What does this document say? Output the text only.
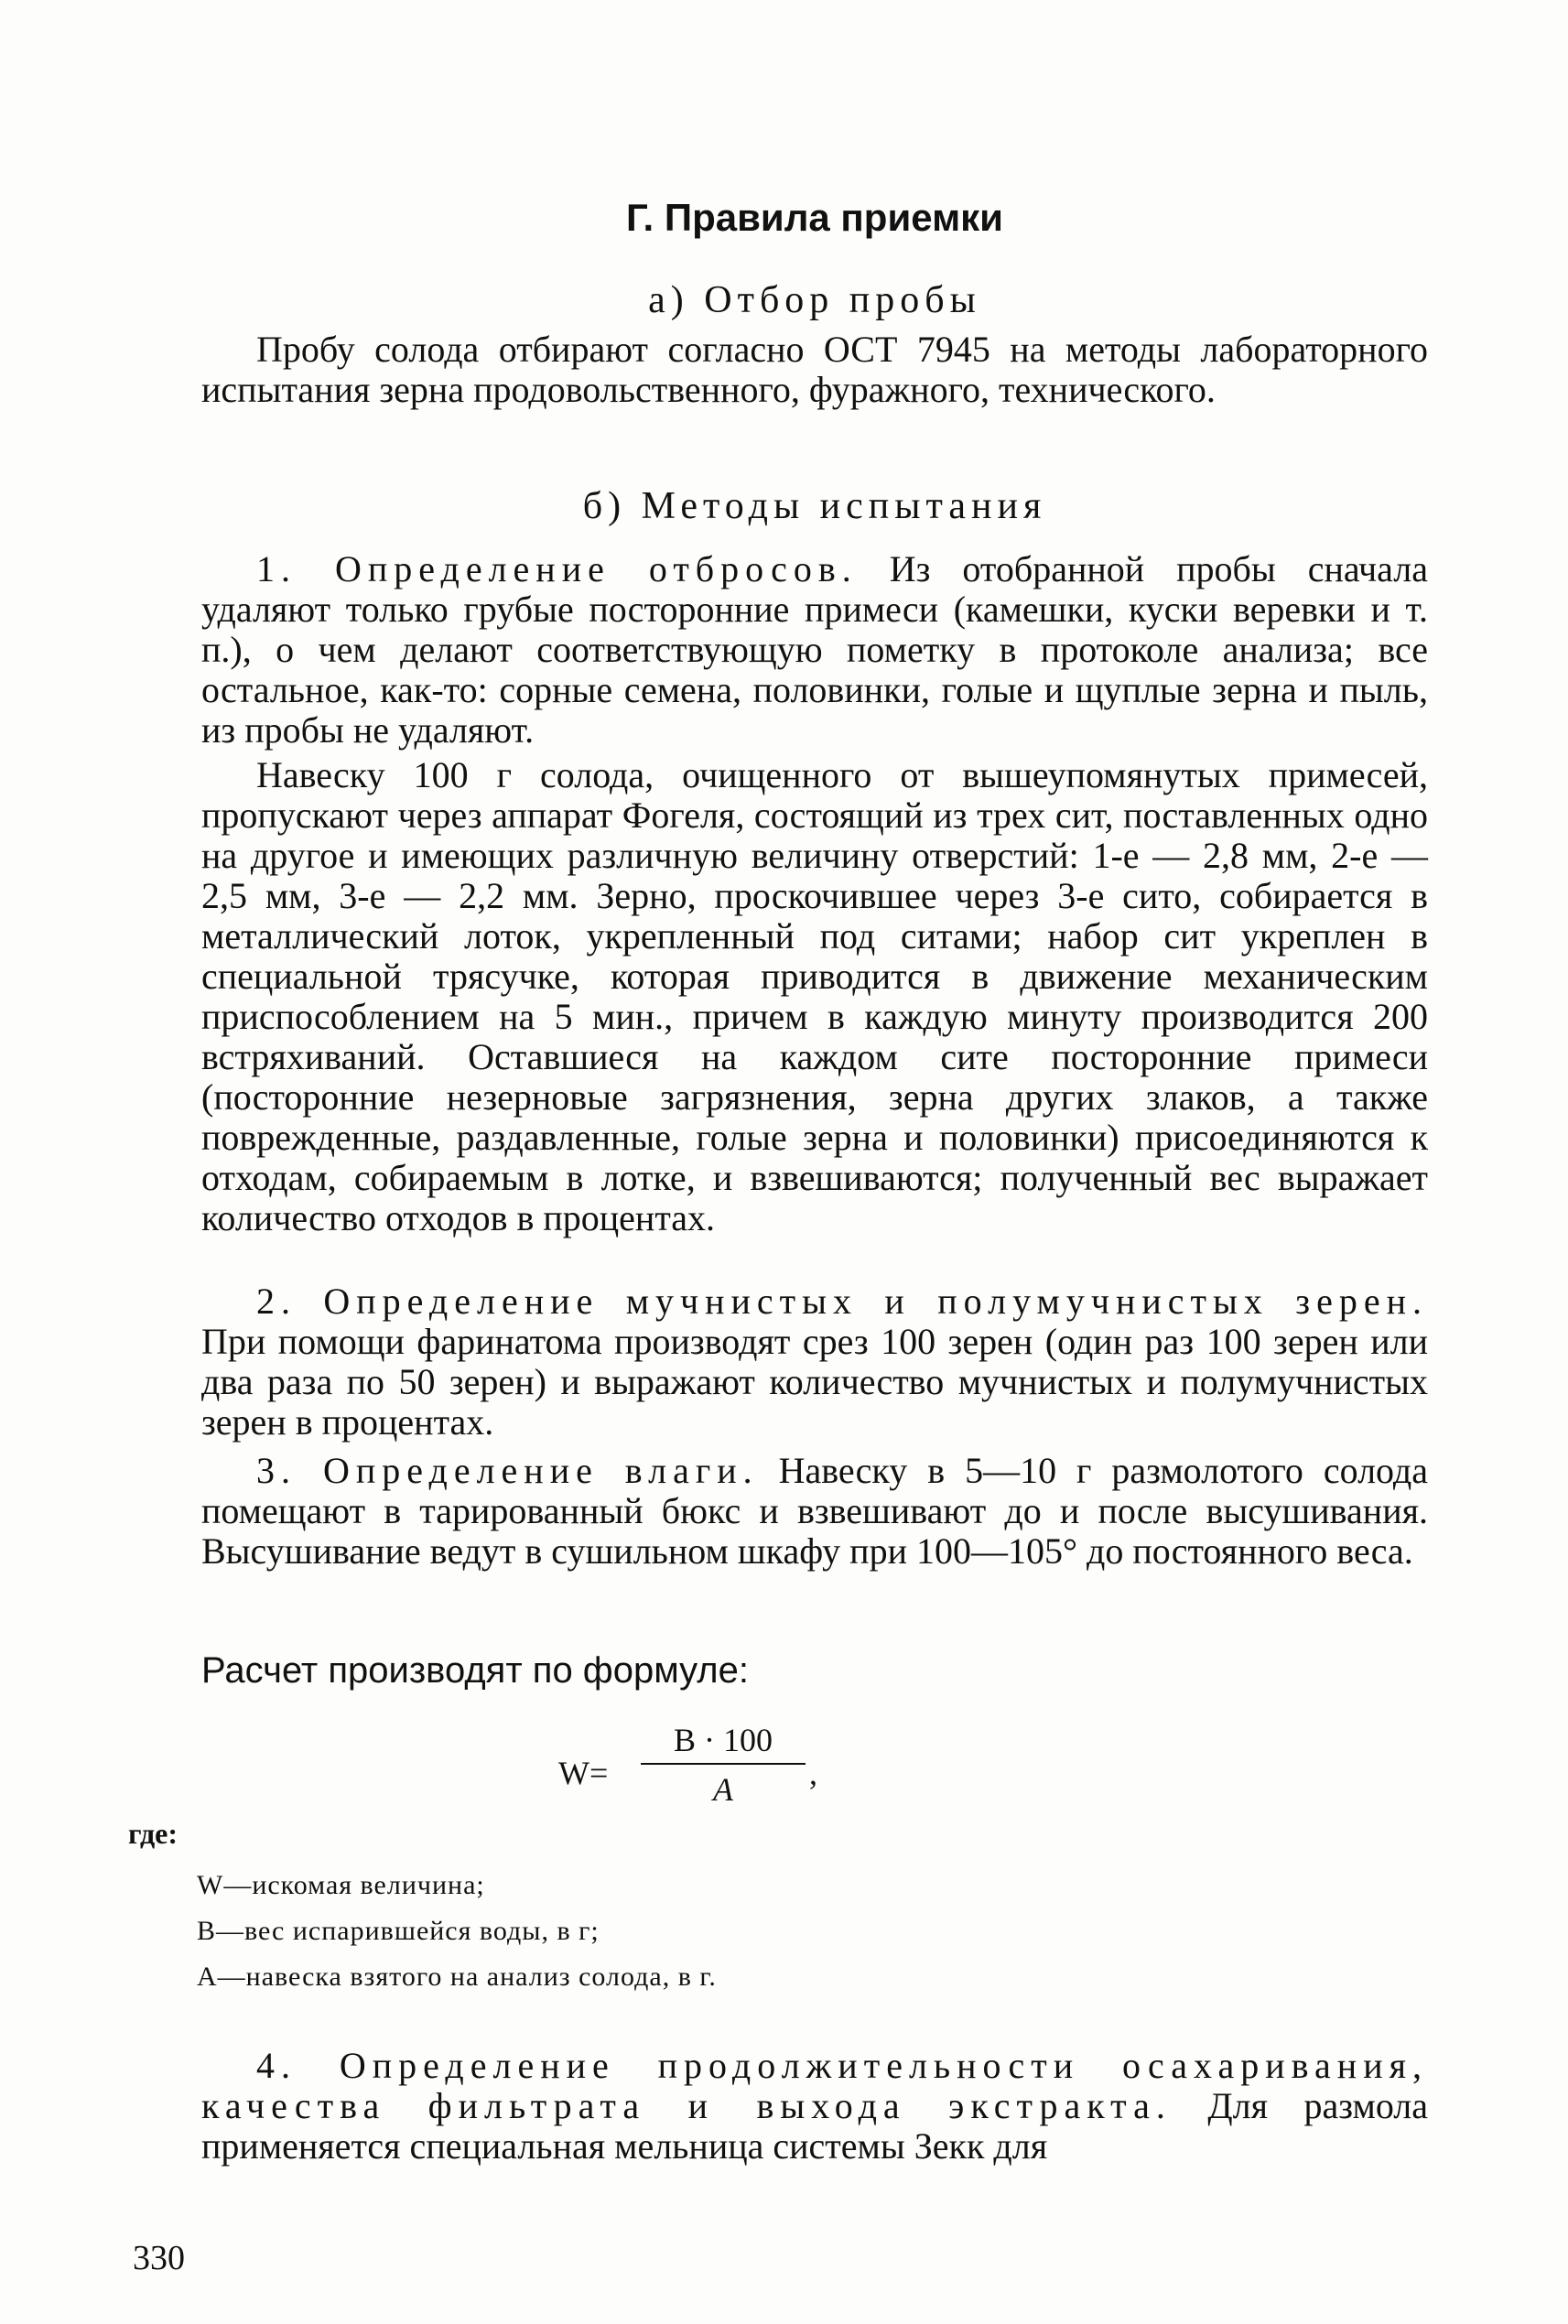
Г. Правила приемки
а) Отбор пробы
Пробу солода отбирают согласно ОСТ 7945 на методы лабораторного испытания зерна продовольственного, фуражного, технического.
б) Методы испытания
1. Определение отбросов. Из отобранной пробы сначала удаляют только грубые посторонние примеси (камешки, куски веревки и т. п.), о чем делают соответствующую пометку в протоколе анализа; все остальное, как-то: сорные семена, половинки, голые и щуплые зерна и пыль, из пробы не удаляют.
Навеску 100 г солода, очищенного от вышеупомянутых примесей, пропускают через аппарат Фогеля, состоящий из трех сит, поставленных одно на другое и имеющих различную величину отверстий: 1-е — 2,8 мм, 2-е — 2,5 мм, 3-е — 2,2 мм. Зерно, проскочившее через 3-е сито, собирается в металлический лоток, укрепленный под ситами; набор сит укреплен в специальной трясучке, которая приводится в движение механическим приспособлением на 5 мин., причем в каждую минуту производится 200 встряхиваний. Оставшиеся на каждом сите посторонние примеси (посторонние незерновые загрязнения, зерна других злаков, а также поврежденные, раздавленные, голые зерна и половинки) присоединяются к отходам, собираемым в лотке, и взвешиваются; полученный вес выражает количество отходов в процентах.
2. Определение мучнистых и полумучнистых зерен. При помощи фаринатома производят срез 100 зерен (один раз 100 зерен или два раза по 50 зерен) и выражают количество мучнистых и полумучнистых зерен в процентах.
3. Определение влаги. Навеску в 5—10 г размолотого солода помещают в тарированный бюкс и взвешивают до и после высушивания. Высушивание ведут в сушильном шкафу при 100—105° до постоянного веса.
Расчет производят по формуле:
W=
B · 100
A	,
где:
W—искомая величина;
B—вес испарившейся воды, в г;
A—навеска взятого на анализ солода, в г.
4. Определение продолжительности осахаривания, качества фильтрата и выхода экстракта. Для размола применяется специальная мельница системы Зекк для
330
